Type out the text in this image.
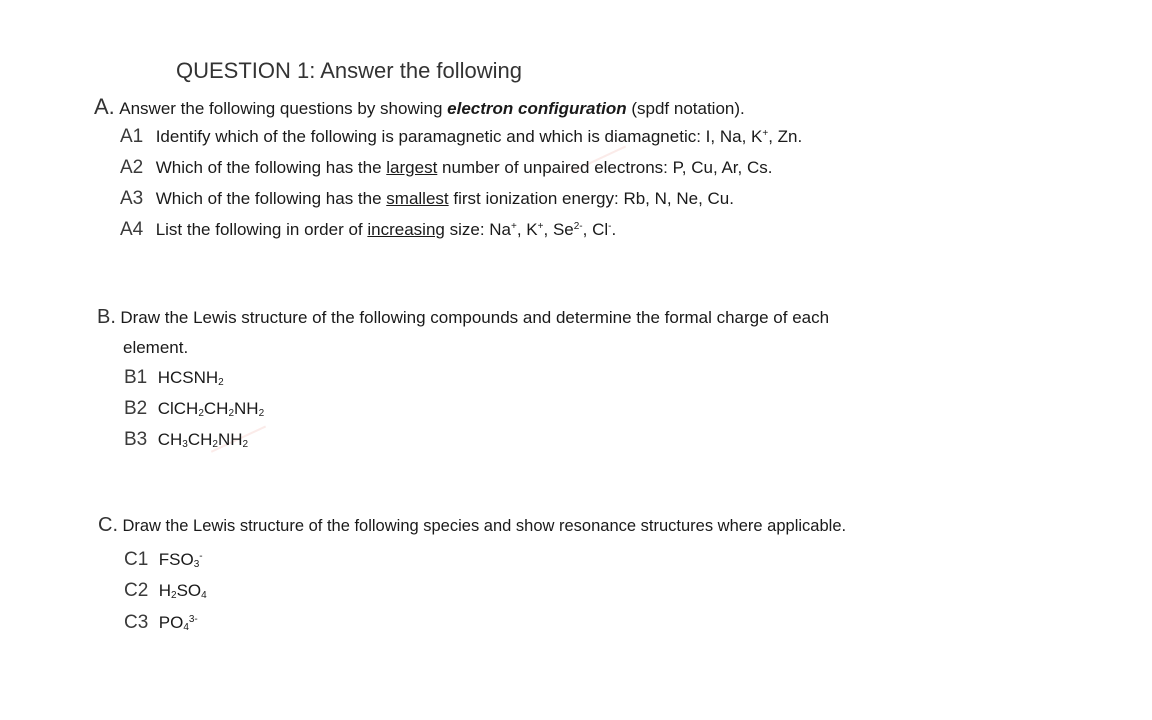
QUESTION 1: Answer the following
A. Answer the following questions by showing electron configuration (spdf notation).
A1 Identify which of the following is paramagnetic and which is diamagnetic: I, Na, K+, Zn.
A2 Which of the following has the largest number of unpaired electrons: P, Cu, Ar, Cs.
A3 Which of the following has the smallest first ionization energy: Rb, N, Ne, Cu.
A4 List the following in order of increasing size: Na+, K+, $Se^{2-}$, Cl-.
B. Draw the Lewis structure of the following compounds and determine the formal charge of each
element.
B1 $HCSNH_2$
B2 $ClCH_2CH_2NH_2$
B3 $CH_3CH_2NH_2$
C. Draw the Lewis structure of the following species and show resonance structures where applicable.
C1 $FSO_3^-$
C2 $H_2SO_4$
C3 $PO_4^{3-}$
